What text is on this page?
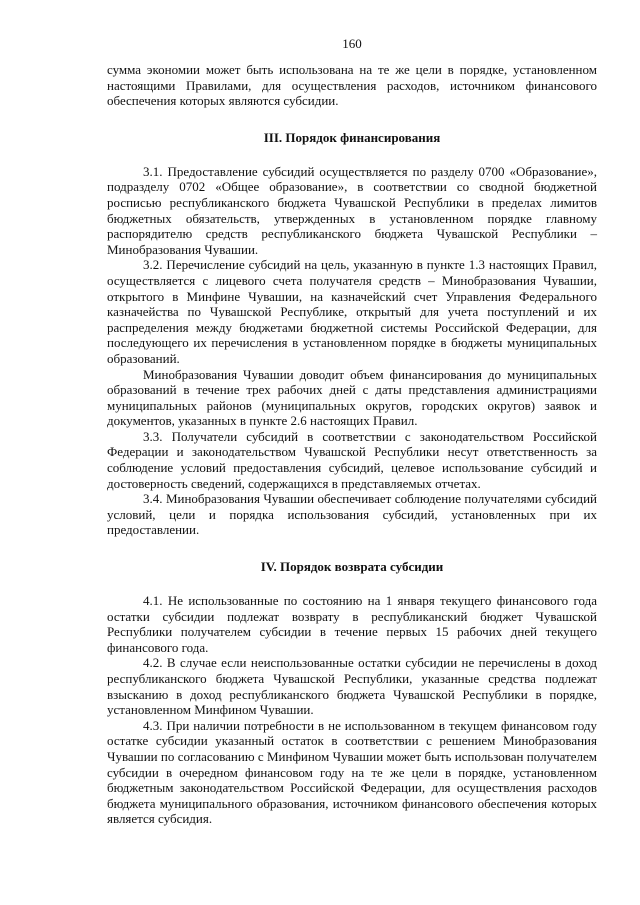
160

сумма экономии может быть использована на те же цели в порядке, установленном настоящими Правилами, для осуществления расходов, источником финансового обеспечения которых являются субсидии.

III. Порядок финансирования

3.1. Предоставление субсидий осуществляется по разделу 0700 «Образование», подразделу 0702 «Общее образование», в соответствии со сводной бюджетной росписью республиканского бюджета Чувашской Республики в пределах лимитов бюджетных обязательств, утвержденных в установленном порядке главному распорядителю средств республиканского бюджета Чувашской Республики – Минобразования Чувашии.

3.2. Перечисление субсидий на цель, указанную в пункте 1.3 настоящих Правил, осуществляется с лицевого счета получателя средств – Минобразования Чувашии, открытого в Минфине Чувашии, на казначейский счет Управления Федерального казначейства по Чувашской Республике, открытый для учета поступлений и их распределения между бюджетами бюджетной системы Российской Федерации, для последующего их перечисления в установленном порядке в бюджеты муниципальных образований.

Минобразования Чувашии доводит объем финансирования до муниципальных образований в течение трех рабочих дней с даты представления администрациями муниципальных районов (муниципальных округов, городских округов) заявок и документов, указанных в пункте 2.6 настоящих Правил.

3.3. Получатели субсидий в соответствии с законодательством Российской Федерации и законодательством Чувашской Республики несут ответственность за соблюдение условий предоставления субсидий, целевое использование субсидий и достоверность сведений, содержащихся в представляемых отчетах.

3.4. Минобразования Чувашии обеспечивает соблюдение получателями субсидий условий, цели и порядка использования субсидий, установленных при их предоставлении.

IV. Порядок возврата субсидии

4.1. Не использованные по состоянию на 1 января текущего финансового года остатки субсидии подлежат возврату в республиканский бюджет Чувашской Республики получателем субсидии в течение первых 15 рабочих дней текущего финансового года.

4.2. В случае если неиспользованные остатки субсидии не перечислены в доход республиканского бюджета Чувашской Республики, указанные средства подлежат взысканию в доход республиканского бюджета Чувашской Республики в порядке, установленном Минфином Чувашии.

4.3. При наличии потребности в не использованном в текущем финансовом году остатке субсидии указанный остаток в соответствии с решением Минобразования Чувашии по согласованию с Минфином Чувашии может быть использован получателем субсидии в очередном финансовом году на те же цели в порядке, установленном бюджетным законодательством Российской Федерации, для осуществления расходов бюджета муниципального образования, источником финансового обеспечения которых является субсидия.
